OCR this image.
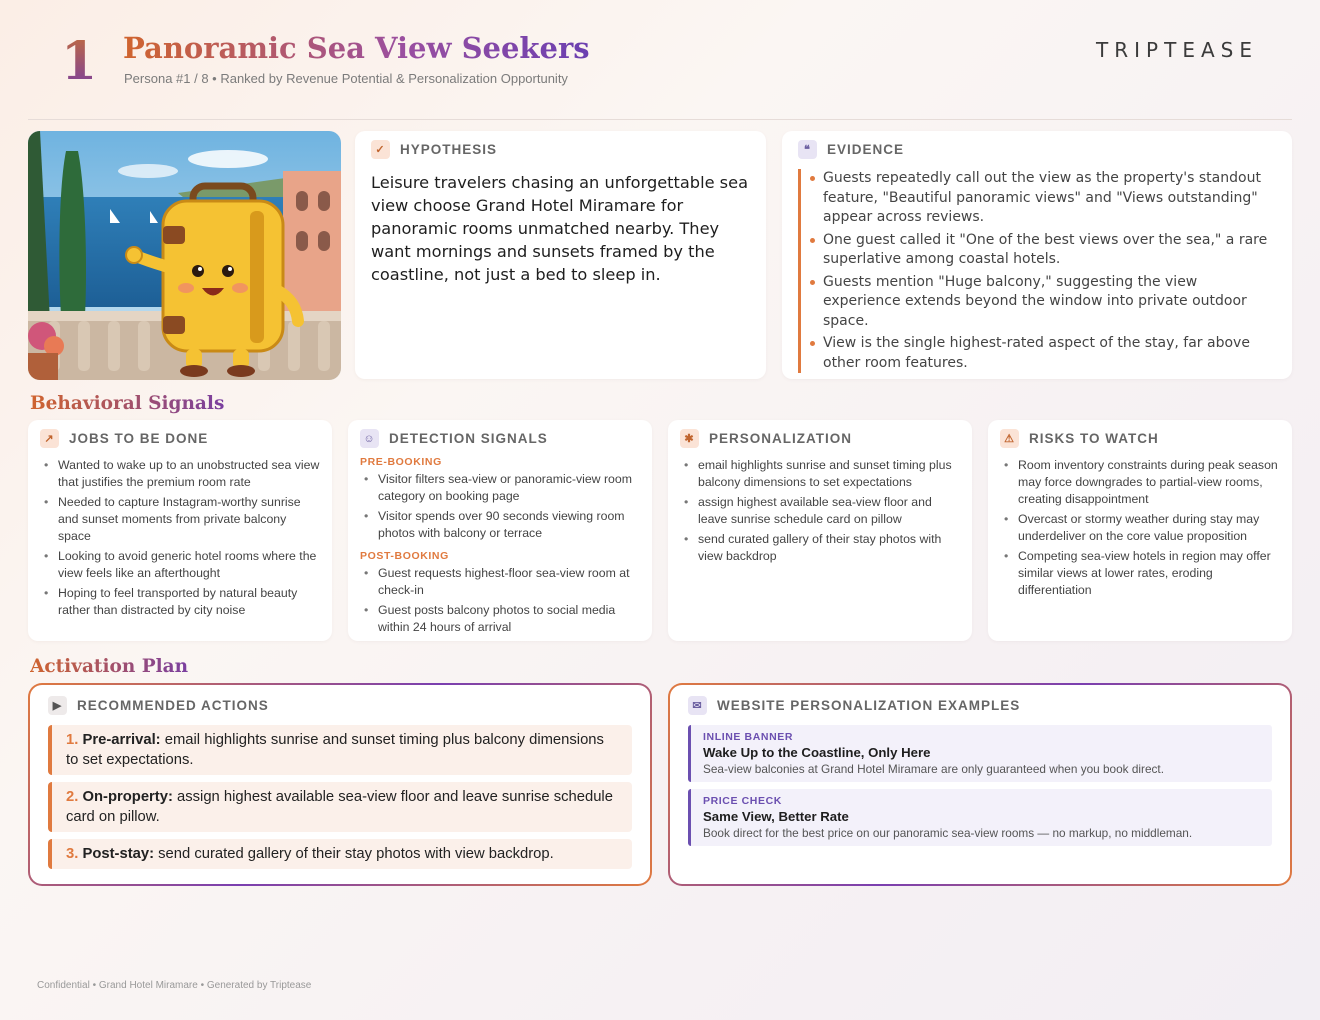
1 Panoramic Sea View Seekers
Persona #1 / 8 • Ranked by Revenue Potential & Personalization Opportunity
TRIPTEASE
✓	HYPOTHESIS
Leisure travelers chasing an unforgettable sea view choose Grand Hotel Miramare for panoramic rooms unmatched nearby. They want mornings and sunsets framed by the coastline, not just a bed to sleep in.
❝	EVIDENCE
Guests repeatedly call out the view as the property's standout feature, "Beautiful panoramic views" and "Views outstanding" appear across reviews.
One guest called it "One of the best views over the sea," a rare superlative among coastal hotels.
Guests mention "Huge balcony," suggesting the view experience extends beyond the window into private outdoor space.
View is the single highest-rated aspect of the stay, far above other room features.
Behavioral Signals
↗	JOBS TO BE DONE
• Wanted to wake up to an unobstructed sea view that justifies the premium room rate
• Needed to capture Instagram-worthy sunrise and sunset moments from private balcony space
• Looking to avoid generic hotel rooms where the view feels like an afterthought
• Hoping to feel transported by natural beauty rather than distracted by city noise
☺ DETECTION SIGNALS
PRE-BOOKING
• Visitor filters sea-view or panoramic-view room category on booking page
• Visitor spends over 90 seconds viewing room photos with balcony or terrace
POST-BOOKING
• Guest requests highest-floor sea-view room at check-in
• Guest posts balcony photos to social media within 24 hours of arrival
✱	PERSONALIZATION
• email highlights sunrise and sunset timing plus balcony dimensions to set expectations
• assign highest available sea-view floor and leave sunrise schedule card on pillow
• send curated gallery of their stay photos with view backdrop
⚠	RISKS TO WATCH
• Room inventory constraints during peak season may force downgrades to partial-view rooms, creating disappointment
• Overcast or stormy weather during stay may underdeliver on the core value proposition
• Competing sea-view hotels in region may offer similar views at lower rates, eroding differentiation
Activation Plan
▶	RECOMMENDED ACTIONS
1. Pre-arrival: email highlights sunrise and sunset timing plus balcony dimensions to set expectations.
2. On-property: assign highest available sea-view floor and leave sunrise schedule card on pillow.
3. Post-stay: send curated gallery of their stay photos with view backdrop.
✉	WEBSITE PERSONALIZATION EXAMPLES
INLINE BANNER
Wake Up to the Coastline, Only Here
Sea-view balconies at Grand Hotel Miramare are only guaranteed when you book direct.
PRICE CHECK
Same View, Better Rate
Book direct for the best price on our panoramic sea-view rooms — no markup, no middleman.
Confidential • Grand Hotel Miramare • Generated by Triptease
